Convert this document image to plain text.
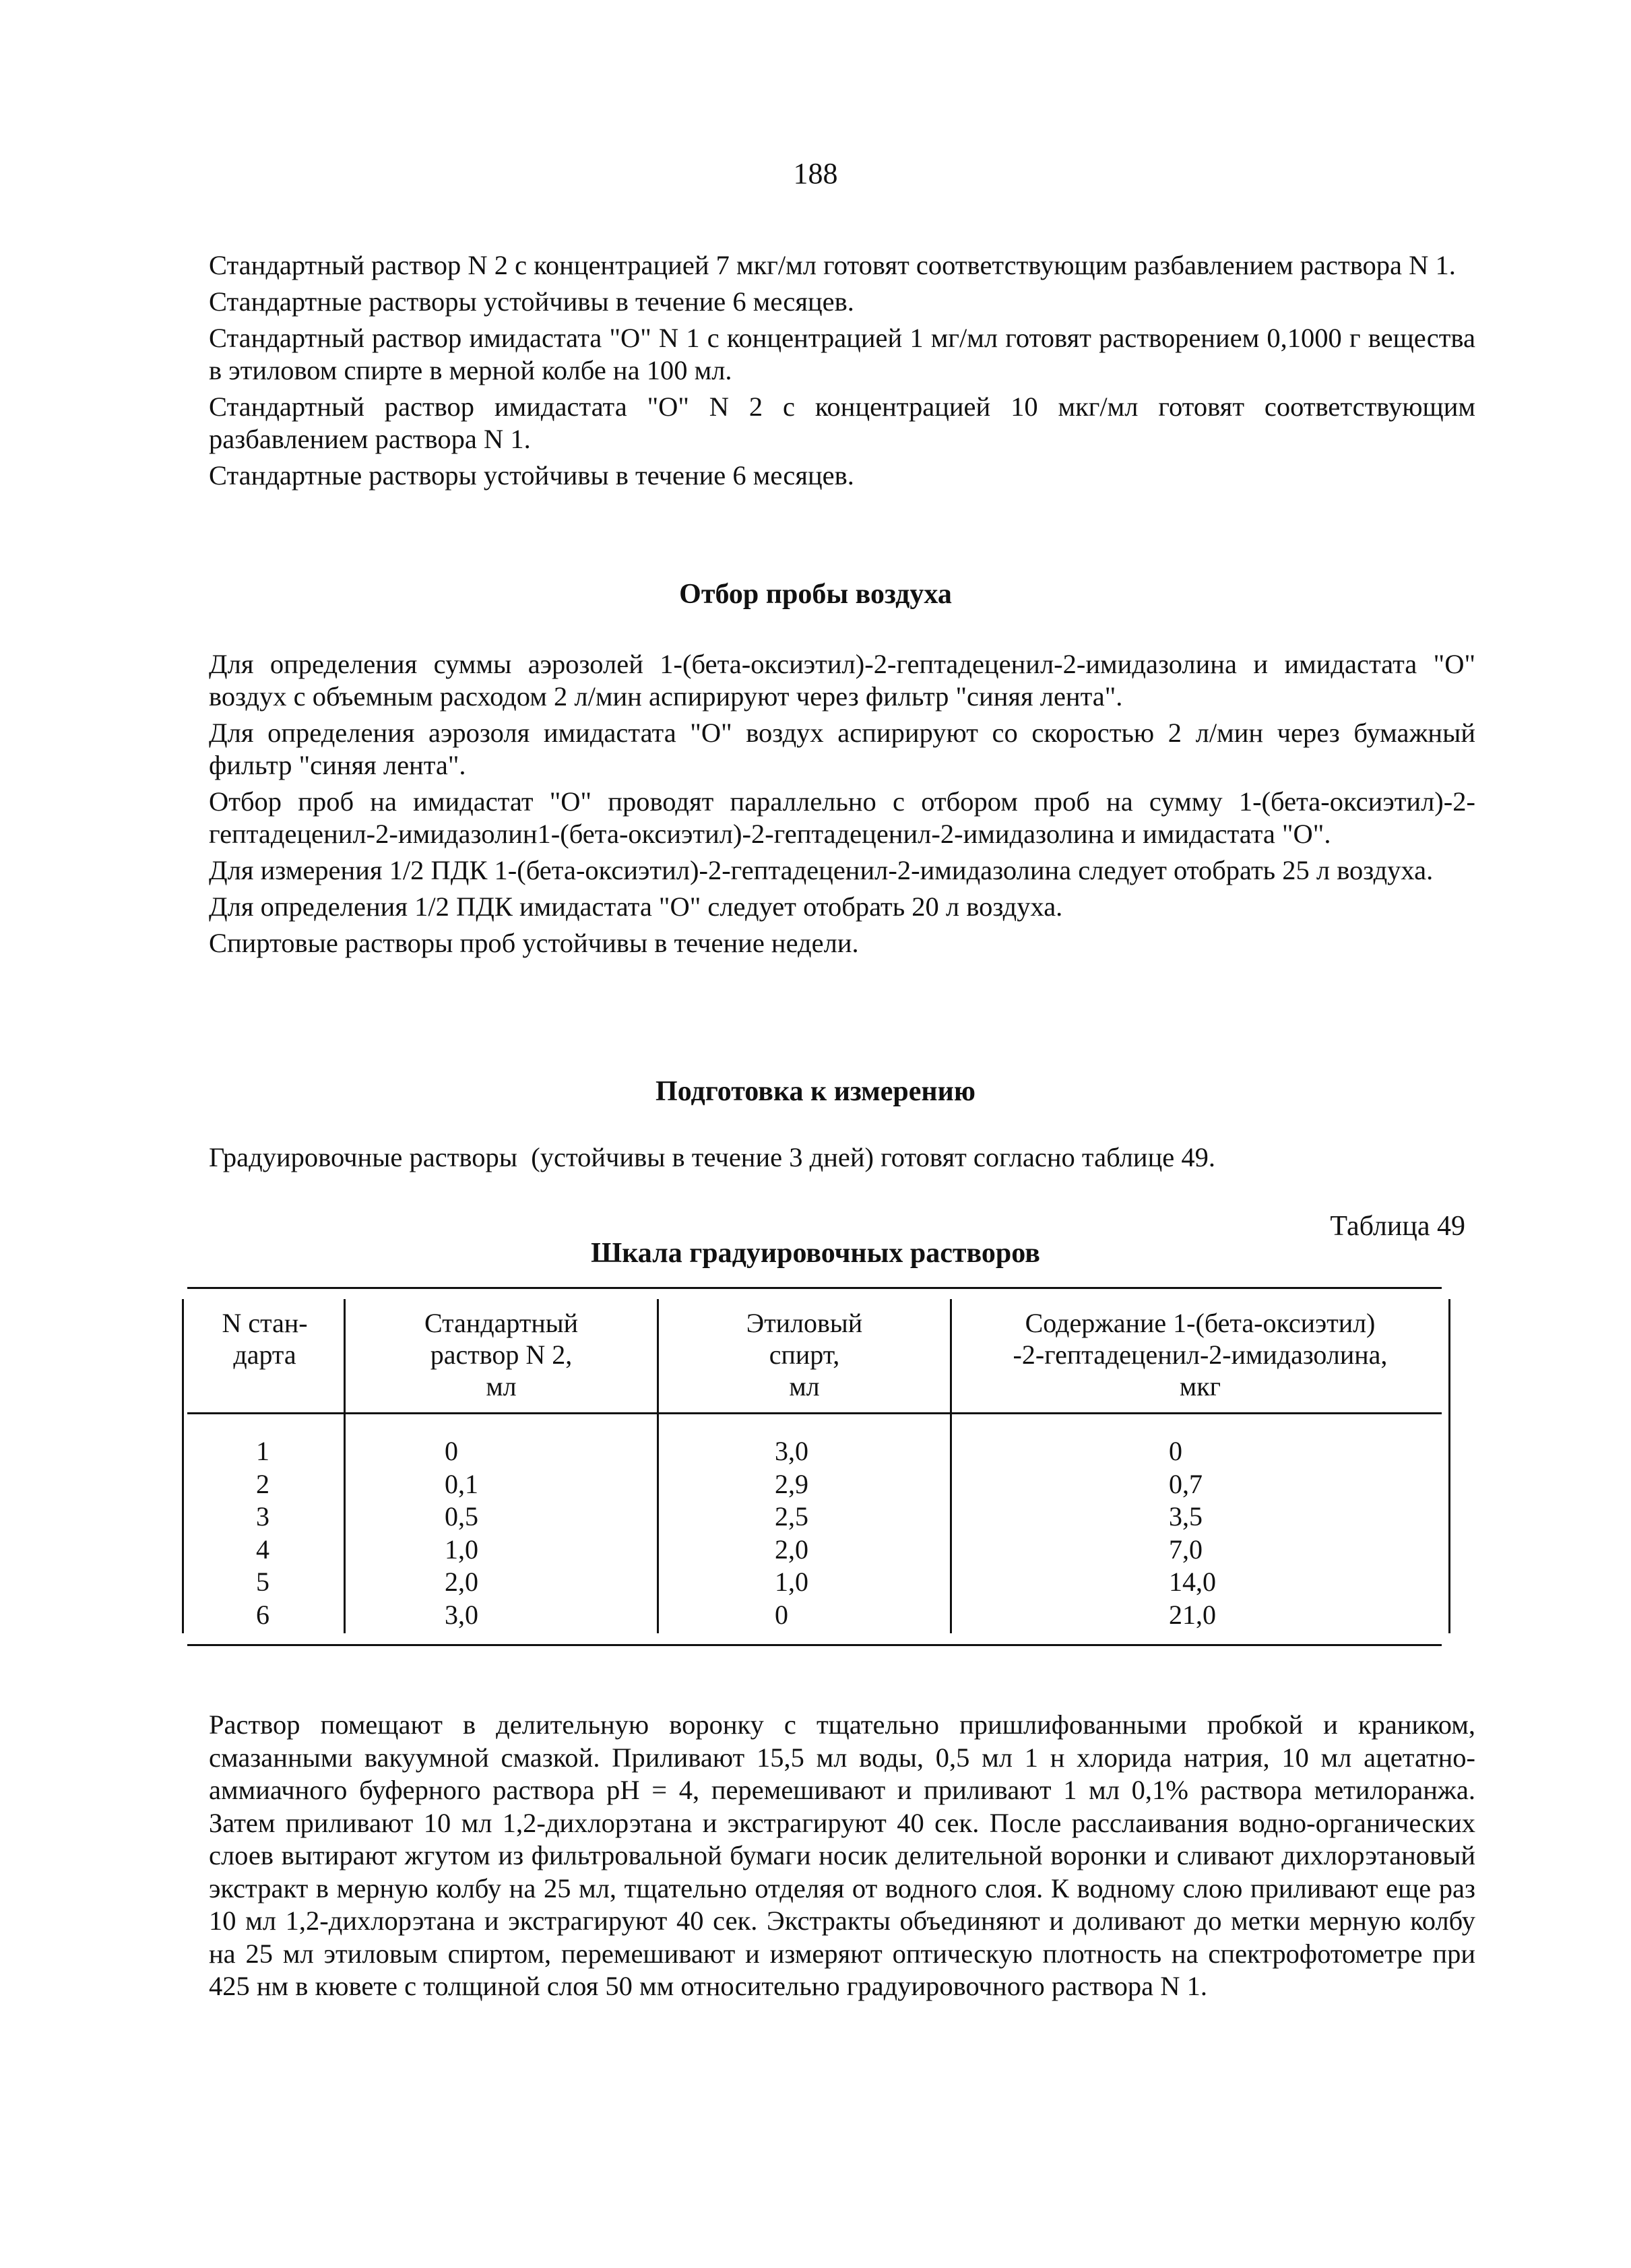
188

Стандартный раствор N 2 с концентрацией 7 мкг/мл готовят соответствующим разбавлением раствора N 1.

Стандартные растворы устойчивы в течение 6 месяцев.

Стандартный раствор имидастата "О" N 1 с концентрацией 1 мг/мл готовят растворением 0,1000 г вещества в этиловом спирте в мерной колбе на 100 мл.

Стандартный раствор имидастата "О" N 2 с концентрацией 10 мкг/мл готовят соответствующим разбавлением раствора N 1.

Стандартные растворы устойчивы в течение 6 месяцев.

Отбор пробы воздуха

Для определения суммы аэрозолей 1-(бета-оксиэтил)-2-гептадеценил-2-имидазолина и имидастата "О" воздух с объемным расходом 2 л/мин аспирируют через фильтр "синяя лента".

Для определения аэрозоля имидастата "О" воздух аспирируют со скоростью 2 л/мин через бумажный фильтр "синяя лента".

Отбор проб на имидастат "О" проводят параллельно с отбором проб на сумму 1-(бета-оксиэтил)-2-гептадеценил-2-имидазолин1-(бета-оксиэтил)-2-гептадеценил-2-имидазолина и имидастата "О".

Для измерения 1/2 ПДК 1-(бета-оксиэтил)-2-гептадеценил-2-имидазолина следует отобрать 25 л воздуха.

Для определения 1/2 ПДК имидастата "О" следует отобрать 20 л воздуха.

Спиртовые растворы проб устойчивы в течение недели.

Подготовка к измерению
Градуировочные растворы  (устойчивы в течение 3 дней) готовят согласно таблице 49.
Таблица 49
Шкала градуировочных растворов
N стан-
дарта
Стандартный
раствор N 2,
мл
Этиловый
спирт,
мл
Содержание 1-(бета-оксиэтил)
-2-гептадеценил-2-имидазолина,
мкг
1
2
3
4
5
6
0
0,1
0,5
1,0
2,0
3,0
3,0
2,9
2,5
2,0
1,0
0
0
0,7
3,5
7,0
14,0
21,0

Раствор помещают в делительную воронку с тщательно пришлифованными пробкой и краником, смазанными вакуумной смазкой. Приливают 15,5 мл воды, 0,5 мл 1 н хлорида натрия, 10 мл ацетатно-аммиачного буферного раствора pH = 4, перемешивают и приливают 1 мл 0,1% раствора метилоранжа. Затем приливают 10 мл 1,2-дихлорэтана и экстрагируют 40 сек. После расслаивания водно-органических слоев вытирают жгутом из фильтровальной бумаги носик делительной воронки и сливают дихлорэтановый экстракт в мерную колбу на 25 мл, тщательно отделяя от водного слоя. К водному слою приливают еще раз 10 мл 1,2-дихлорэтана и экстрагируют 40 сек. Экстракты объединяют и доливают до метки мерную колбу на 25 мл этиловым спиртом, перемешивают и измеряют оптическую плотность на спектрофотометре при 425 нм в кювете с толщиной слоя 50 мм относительно градуировочного раствора N 1.
